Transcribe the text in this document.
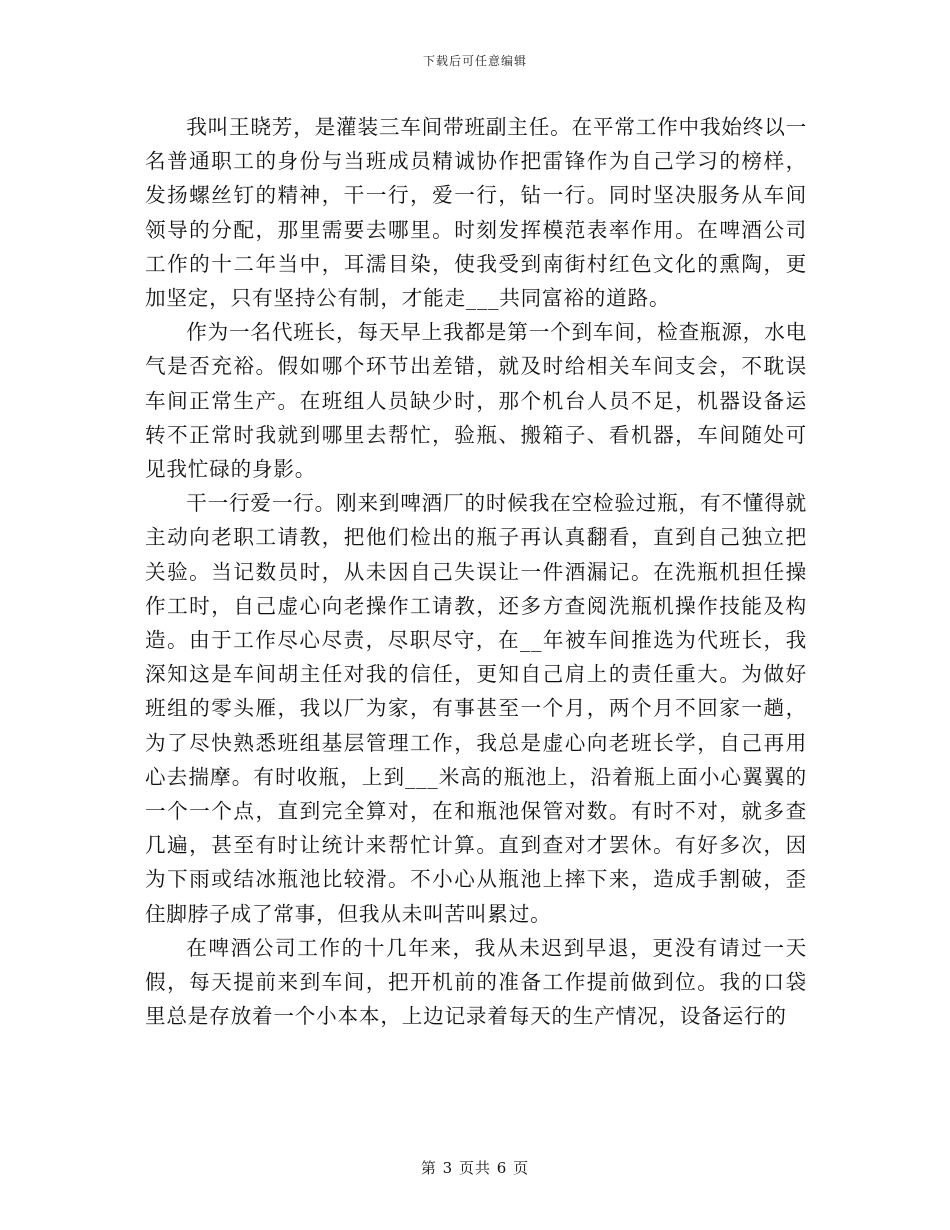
下载后可任意编辑

我叫王晓芳，是灌装三车间带班副主任。在平常工作中我始终以一名普通职工的身份与当班成员精诚协作把雷锋作为自己学习的榜样，发扬螺丝钉的精神，干一行，爱一行，钻一行。同时坚决服务从车间领导的分配，那里需要去哪里。时刻发挥模范表率作用。在啤酒公司工作的十二年当中，耳濡目染，使我受到南街村红色文化的熏陶，更加坚定，只有坚持公有制，才能走___共同富裕的道路。

作为一名代班长，每天早上我都是第一个到车间，检查瓶源，水电气是否充裕。假如哪个环节出差错，就及时给相关车间支会，不耽误车间正常生产。在班组人员缺少时，那个机台人员不足，机器设备运转不正常时我就到哪里去帮忙，验瓶、搬箱子、看机器，车间随处可见我忙碌的身影。

干一行爱一行。刚来到啤酒厂的时候我在空检验过瓶，有不懂得就主动向老职工请教，把他们检出的瓶子再认真翻看，直到自己独立把关验。当记数员时，从未因自己失误让一件酒漏记。在洗瓶机担任操作工时，自己虚心向老操作工请教，还多方查阅洗瓶机操作技能及构造。由于工作尽心尽责，尽职尽守，在__年被车间推选为代班长，我深知这是车间胡主任对我的信任，更知自己肩上的责任重大。为做好班组的零头雁，我以厂为家，有事甚至一个月，两个月不回家一趟，为了尽快熟悉班组基层管理工作，我总是虚心向老班长学，自己再用心去揣摩。有时收瓶，上到___米高的瓶池上，沿着瓶上面小心翼翼的一个一个点，直到完全算对，在和瓶池保管对数。有时不对，就多查几遍，甚至有时让统计来帮忙计算。直到查对才罢休。有好多次，因为下雨或结冰瓶池比较滑。不小心从瓶池上摔下来，造成手割破，歪住脚脖子成了常事，但我从未叫苦叫累过。

在啤酒公司工作的十几年来，我从未迟到早退，更没有请过一天假，每天提前来到车间，把开机前的准备工作提前做到位。我的口袋里总是存放着一个小本本，上边记录着每天的生产情况，设备运行的

第 3 页共 6 页
